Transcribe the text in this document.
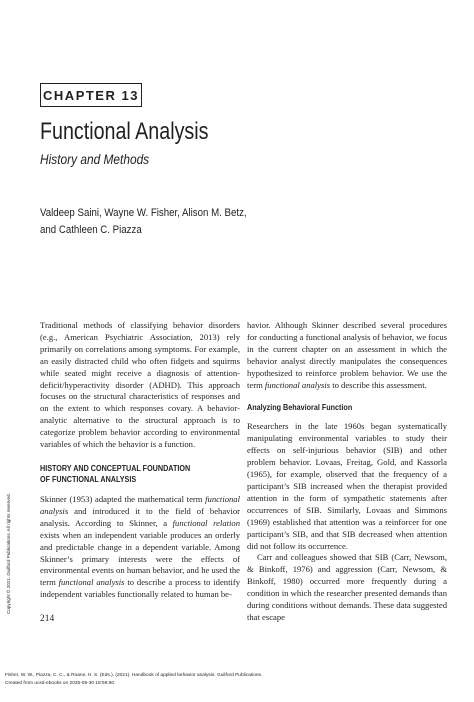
CHAPTER 13
Functional Analysis
History and Methods
Valdeep Saini, Wayne W. Fisher, Alison M. Betz,
and Cathleen C. Piazza

Traditional methods of classifying behavior disorders (e.g., American Psychiatric Association, 2013) rely primarily on correlations among symptoms. For example, an easily distracted child who often fidgets and squirms while seated might receive a diagnosis of attention-deficit/hyperactivity disorder (ADHD). This approach focuses on the structural characteristics of responses and on the extent to which responses covary. A behavior-analytic alternative to the structural approach is to categorize problem behavior according to environmental variables of which the behavior is a function.

HISTORY AND CONCEPTUAL FOUNDATION
OF FUNCTIONAL ANALYSIS

Skinner (1953) adapted the mathematical term functional analysis and introduced it to the field of behavior analysis. According to Skinner, a functional relation exists when an independent variable produces an orderly and predictable change in a dependent variable. Among Skinner’s primary interests were the effects of environmental events on human behavior, and he used the term functional analysis to describe a process to identify independent variables functionally related to human be-

havior. Although Skinner described several procedures for conducting a functional analysis of behavior, we focus in the current chapter on an assessment in which the behavior analyst directly manipulates the consequences hypothesized to reinforce problem behavior. We use the term functional analysis to describe this assessment.

Analyzing Behavioral Function

Researchers in the late 1960s began systematically manipulating environmental variables to study their effects on self-injurious behavior (SIB) and other problem behavior. Lovaas, Freitag, Gold, and Kassorla (1965), for example, observed that the frequency of a participant’s SIB increased when the therapist provided attention in the form of sympathetic statements after occurrences of SIB. Similarly, Lovaas and Simmons (1969) established that attention was a reinforcer for one participant’s SIB, and that SIB decreased when attention did not follow its occurrence.

Carr and colleagues showed that SIB (Carr, Newsom, & Binkoff, 1976) and aggression (Carr, Newsom, & Binkoff, 1980) occurred more frequently during a condition in which the researcher presented demands than during conditions without demands. These data suggested that escape

214
Copyright © 2021. Guilford Publications. All rights reserved.
Fisher, W. W., Piazza, C. C., & Roane, H. S. (Eds.). (2021). Handbook of applied behavior analysis. Guilford Publications.
Created from ucsd-ebooks on 2025-05-30 18:58:50.
